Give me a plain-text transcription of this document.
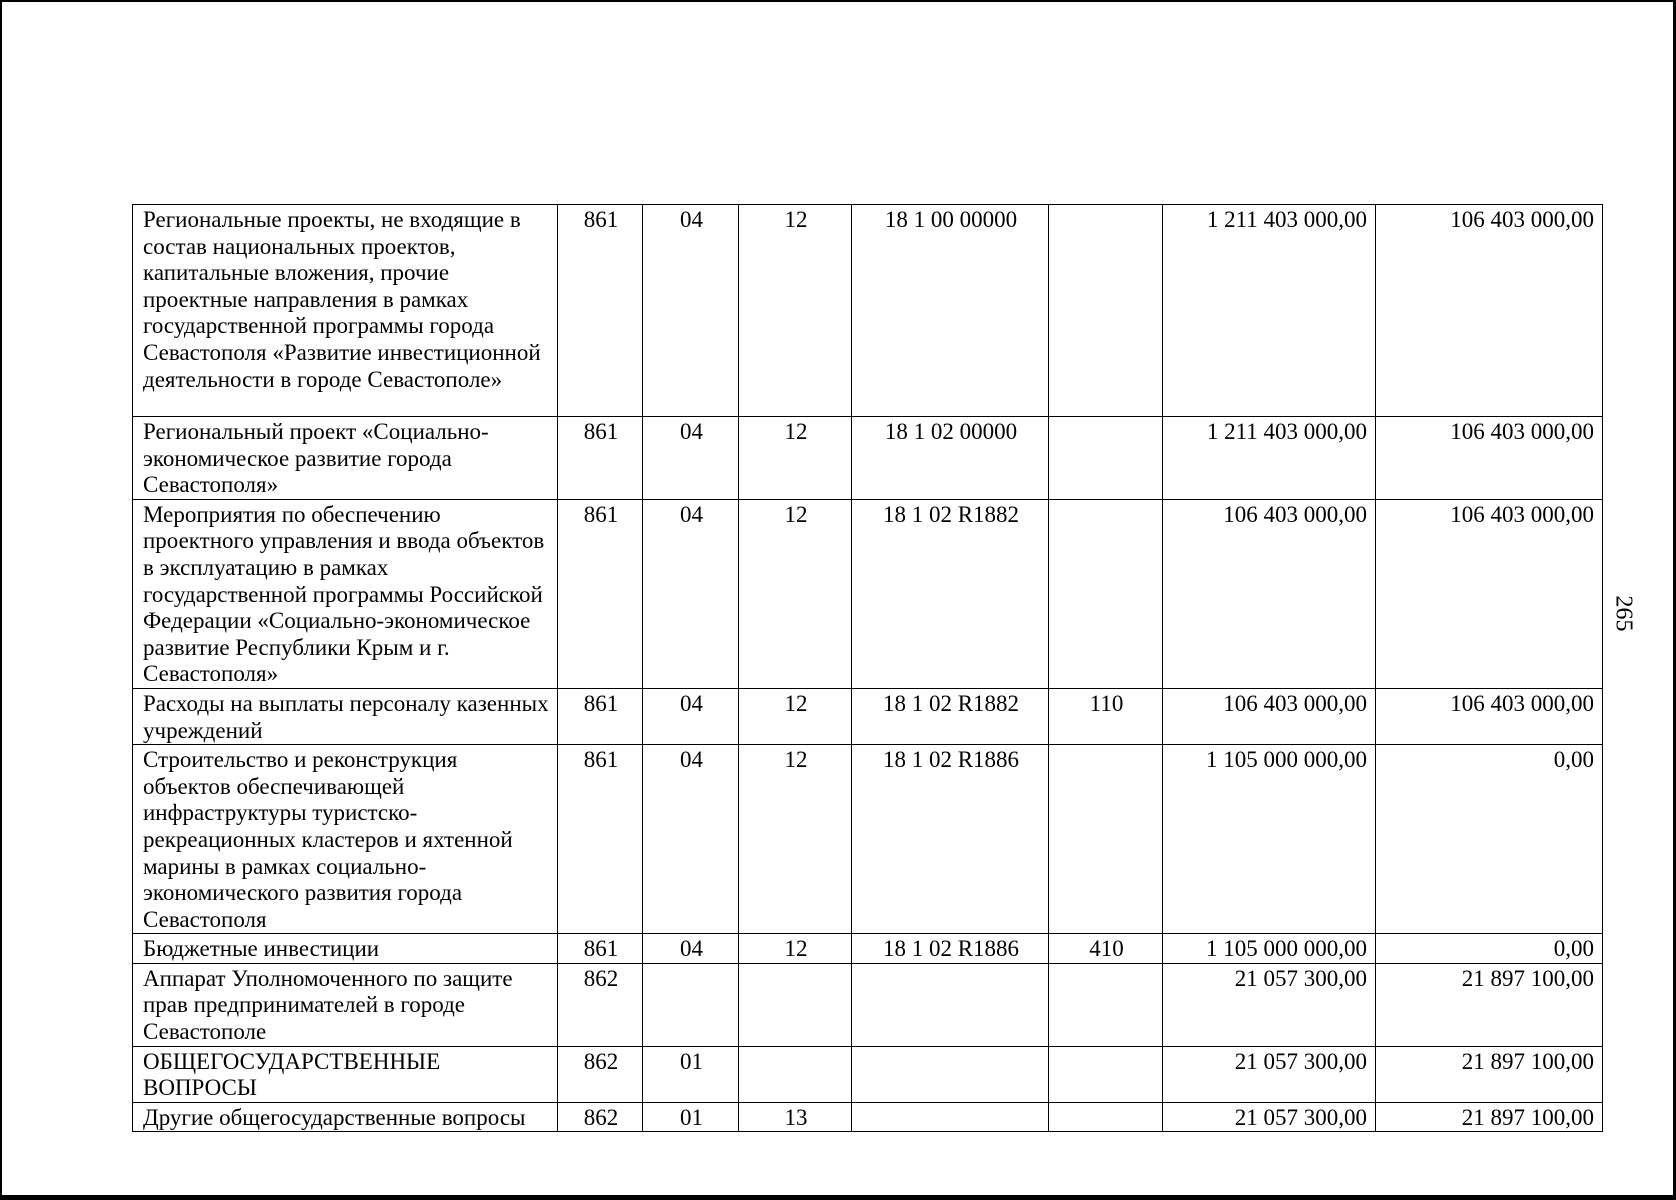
265
Региональные проекты, не входящие в состав национальных проектов, капитальные вложения, прочие проектные направления в рамках государственной программы города Севастополя «Развитие инвестиционной деятельности в городе Севастополе»	861	04	12	18 1 00 00000		1 211 403 000,00	106 403 000,00
Региональный проект «Социально-экономическое развитие города Севастополя»	861	04	12	18 1 02 00000		1 211 403 000,00	106 403 000,00
Мероприятия по обеспечению проектного управления и ввода объектов в эксплуатацию в рамках государственной программы Российской Федерации «Социально-экономическое развитие Республики Крым и г. Севастополя»	861	04	12	18 1 02 R1882		106 403 000,00	106 403 000,00
Расходы на выплаты персоналу казенных учреждений	861	04	12	18 1 02 R1882	110	106 403 000,00	106 403 000,00
Строительство и реконструкция объектов обеспечивающей инфраструктуры туристско-рекреационных кластеров и яхтенной марины в рамках социально-экономического развития города Севастополя	861	04	12	18 1 02 R1886		1 105 000 000,00	0,00
Бюджетные инвестиции	861	04	12	18 1 02 R1886	410	1 105 000 000,00	0,00
Аппарат Уполномоченного по защите прав предпринимателей в городе Севастополе	862					21 057 300,00	21 897 100,00
ОБЩЕГОСУДАРСТВЕННЫЕ ВОПРОСЫ	862	01				21 057 300,00	21 897 100,00
Другие общегосударственные вопросы	862	01	13			21 057 300,00	21 897 100,00
